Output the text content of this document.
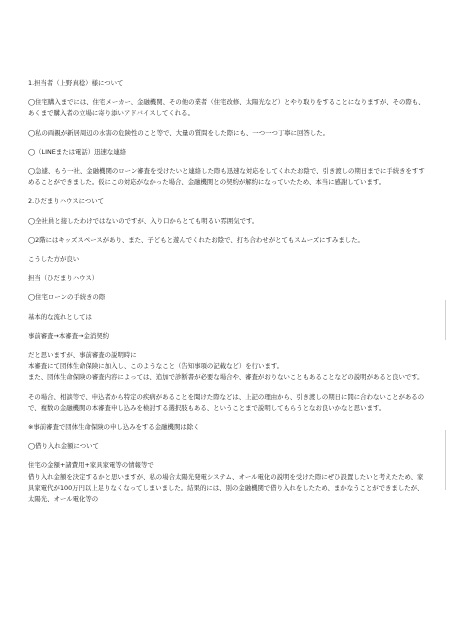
1.担当者（上野真稔）様について

◯住宅購入までには、住宅メーカー、金融機関、その他の業者（住宅改修、太陽光など）とやり取りをすることになりますが、その際も、あくまで購入者の立場に寄り添いアドバイスしてくれる。

◯私の両親が新居周辺の水害の危険性のこと等で、大量の質問をした際にも、一つ一つ丁寧に回答した。

◯（LINEまたは電話）迅速な連絡

◯急遽、もう一社、金融機関のローン審査を受けたいと連絡した際も迅速な対応をしてくれたお陰で、引き渡しの期日までに手続きをすすめることができました。仮にこの対応がなかった場合、金融機関との契約が解約になっていたため、本当に感謝しています。

2.ひだまりハウスについて

◯全社員と接したわけではないのですが、入り口からとても明るい雰囲気です。

◯2階にはキッズスペースがあり、また、子どもと遊んでくれたお陰で、打ち合わせがとてもスムーズにすみました。

こうした方が良い

担当（ひだまりハウス）

◯住宅ローンの手続きの際

基本的な流れとしては

事前審査→本審査→金消契約

だと思いますが、事前審査の説明時に
本審査にて団体生命保険に加入し、このようなこと（告知事項の記載など）を行います。
また、団体生命保険の審査内容によっては、追加で診断書が必要な場合や、審査がおりないこともあることなどの説明があると良いです。

その場合、相談等で、申込者から特定の疾病があることを聞けた際などは、上記の理由から、引き渡しの期日に間に合わないことがあるので、複数の金融機関の本審査申し込みを検討する選択肢もある、ということまで説明してもらうとなお良いかなと思います。

※事前審査で団体生命保険の申し込みをする金融機関は除く

◯借り入れ金額について

住宅の金額+諸費用+家具家電等の情報等で
借り入れ金額を決定するかと思いますが、私の場合太陽光発電システム、オール電化の説明を受けた際にぜひ設置したいと考えたため、家具家電代が100万円以上足りなくなってしまいました。結果的には、別の金融機関で借り入れをしたため、まかなうことができましたが、太陽光、オール電化等の
